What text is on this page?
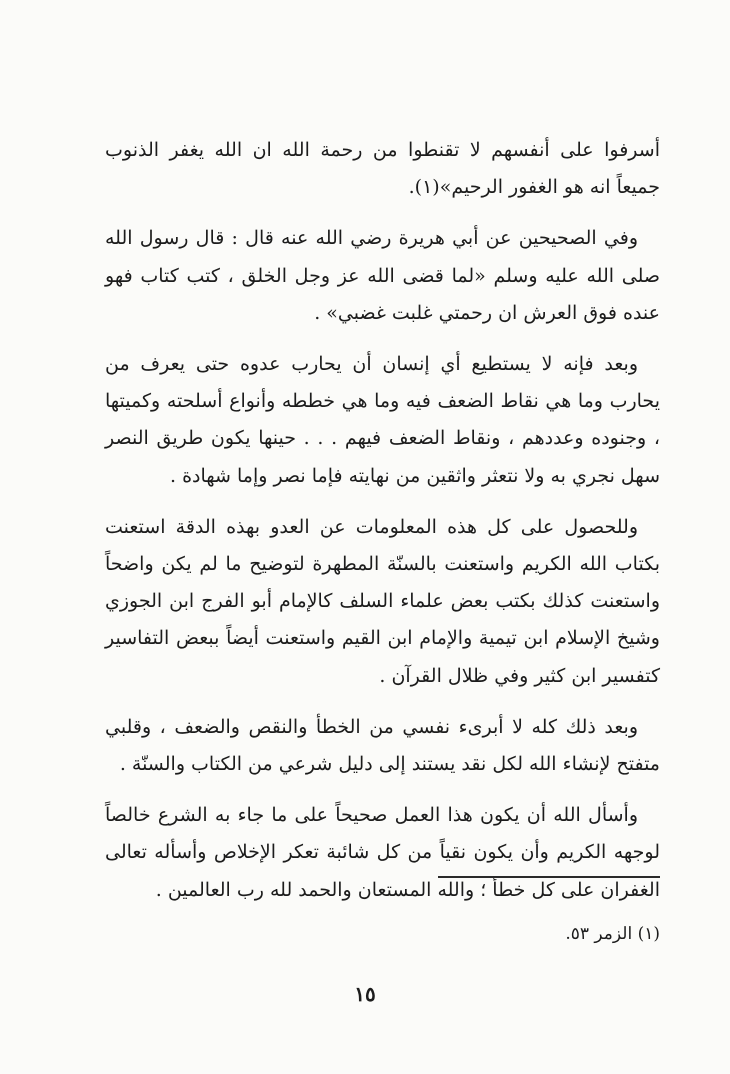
أسرفوا على أنفسهم لا تقنطوا من رحمة الله ان الله يغفر الذنوب جميعاً انه هو الغفور الرحيم»(١).

وفي الصحيحين عن أبي هريرة رضي الله عنه قال : قال رسول الله صلى الله عليه وسلم «لما قضى الله عز وجل الخلق ، كتب كتاب فهو عنده فوق العرش ان رحمتي غلبت غضبي» .

وبعد فإنه لا يستطيع أي إنسان أن يحارب عدوه حتى يعرف من يحارب وما هي نقاط الضعف فيه وما هي خططه وأنواع أسلحته وكميتها ، وجنوده وعددهم ، ونقاط الضعف فيهم . . . حينها يكون طريق النصر سهل نجري به ولا نتعثر واثقين من نهايته فإما نصر وإما شهادة .

وللحصول على كل هذه المعلومات عن العدو بهذه الدقة استعنت بكتاب الله الكريم واستعنت بالسنّة المطهرة لتوضيح ما لم يكن واضحاً واستعنت كذلك بكتب بعض علماء السلف كالإمام أبو الفرج ابن الجوزي وشيخ الإسلام ابن تيمية والإمام ابن القيم واستعنت أيضاً ببعض التفاسير كتفسير ابن كثير وفي ظلال القرآن .

وبعد ذلك كله لا أبرىء نفسي من الخطأ والنقص والضعف ، وقلبي متفتح لإنشاء الله لكل نقد يستند إلى دليل شرعي من الكتاب والسنّة .

وأسأل الله أن يكون هذا العمل صحيحاً على ما جاء به الشرع خالصاً لوجهه الكريم وأن يكون نقياً من كل شائبة تعكر الإخلاص وأسأله تعالى الغفران على كل خطأ ؛ والله المستعان والحمد لله رب العالمين .

(١) الزمر ٥٣.
١٥
